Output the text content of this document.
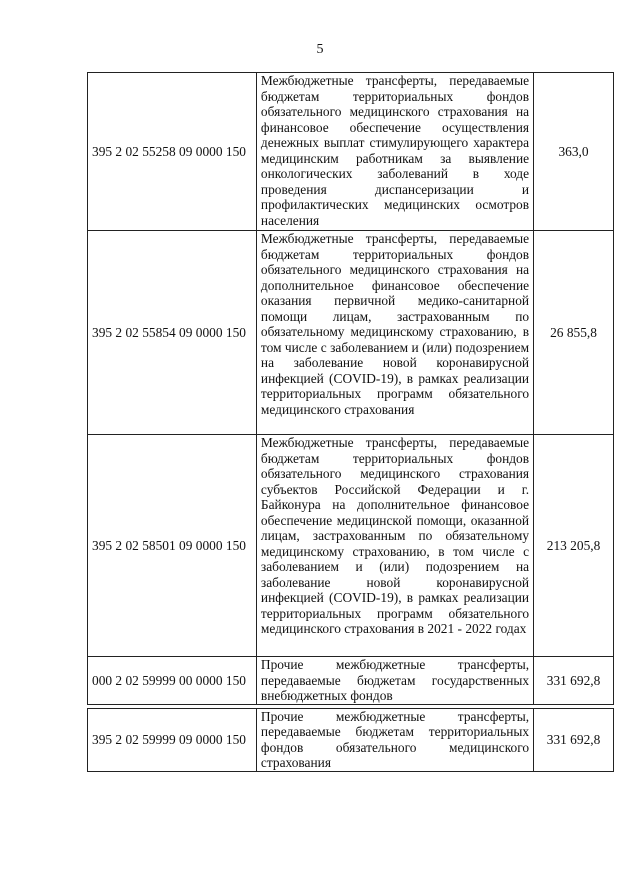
5
395 2 02 55258 09 0000 150	Межбюджетные трансферты, передаваемые бюджетам территориальных фондов обязательного медицинского страхования на финансовое обеспечение осуществления денежных выплат стимулирующего характера медицинским работникам за выявление онкологических заболеваний в ходе проведения диспансеризации и профилактических медицинских осмотров населения	363,0
395 2 02 55854 09 0000 150	Межбюджетные трансферты, передаваемые бюджетам территориальных фондов обязательного медицинского страхования на дополнительное финансовое обеспечение оказания первичной медико-санитарной помощи лицам, застрахованным по обязательному медицинскому страхованию, в том числе с заболеванием и (или) подозрением на заболевание новой коронавирусной инфекцией (COVID-19), в рамках реализации территориальных программ обязательного медицинского страхования	26 855,8
395 2 02 58501 09 0000 150	Межбюджетные трансферты, передаваемые бюджетам территориальных фондов обязательного медицинского страхования субъектов Российской Федерации и г. Байконура на дополнительное финансовое обеспечение медицинской помощи, оказанной лицам, застрахованным по обязательному медицинскому страхованию, в том числе с заболеванием и (или) подозрением на заболевание новой коронавирусной инфекцией (COVID-19), в рамках реализации территориальных программ обязательного медицинского страхования в 2021 - 2022 годах	213 205,8
000 2 02 59999 00 0000 150	Прочие межбюджетные трансферты, передаваемые бюджетам государственных внебюджетных фондов	331 692,8

395 2 02 59999 09 0000 150	Прочие межбюджетные трансферты, передаваемые бюджетам территориальных фондов обязательного медицинского страхования	331 692,8
